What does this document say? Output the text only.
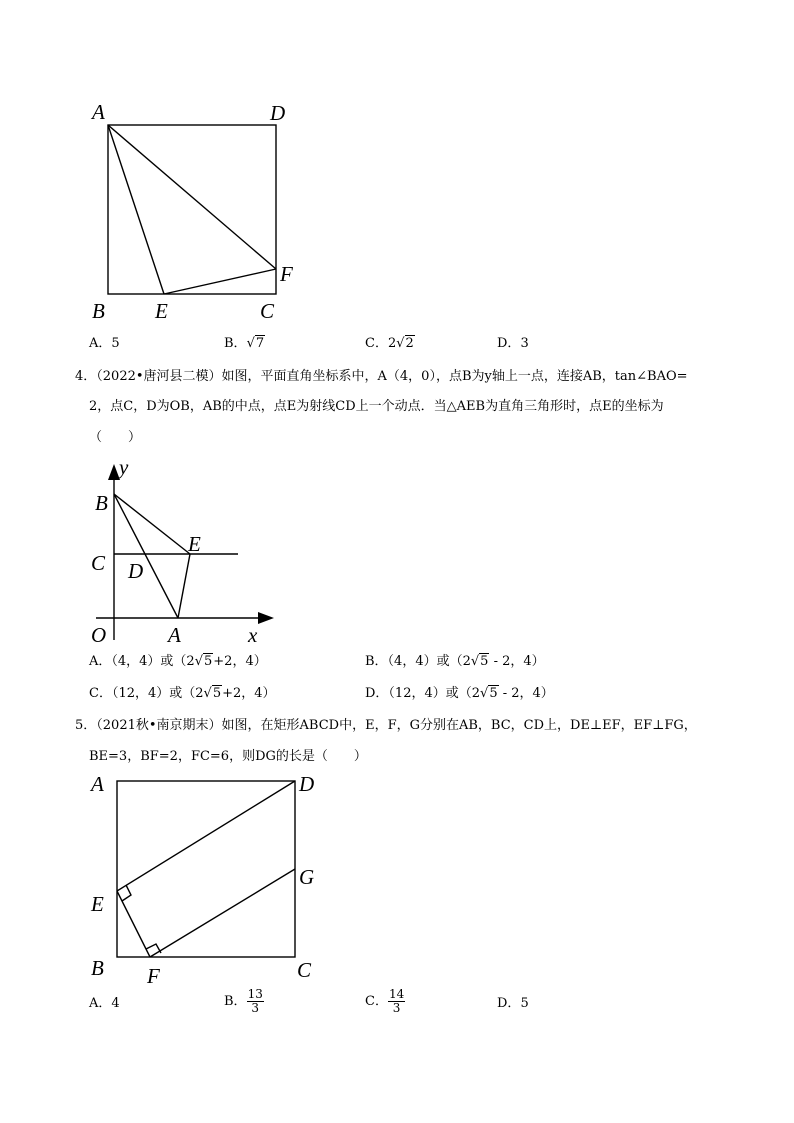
A	D
F
B E	C
A．5	B．√7	C．2√2	D．3
4．（2022•唐河县二模）如图，平面直角坐标系中，A（4，0），点B为y轴上一点，连接AB，tan∠BAO=
2，点C，D为OB，AB的中点，点E为射线CD上一个动点．当△AEB为直角三角形时，点E的坐标为
（　　）
y
B
E
C D
O	A	x
A．（4，4）或（2√5+2，4）	B．（4，4）或（2√5 - 2，4）
C．（12，4）或（2√5+2，4）	D．（12，4）或（2√5 - 2，4）
5．（2021秋•南京期末）如图，在矩形ABCD中，E，F，G分别在AB，BC，CD上，DE⊥EF，EF⊥FG，
BE=3，BF=2，FC=6，则DG的长是（　　）
A	D
G
E
B F	C
A．4	B． $\frac{13}{3}$	C． $\frac{14}{3}$	D．5
